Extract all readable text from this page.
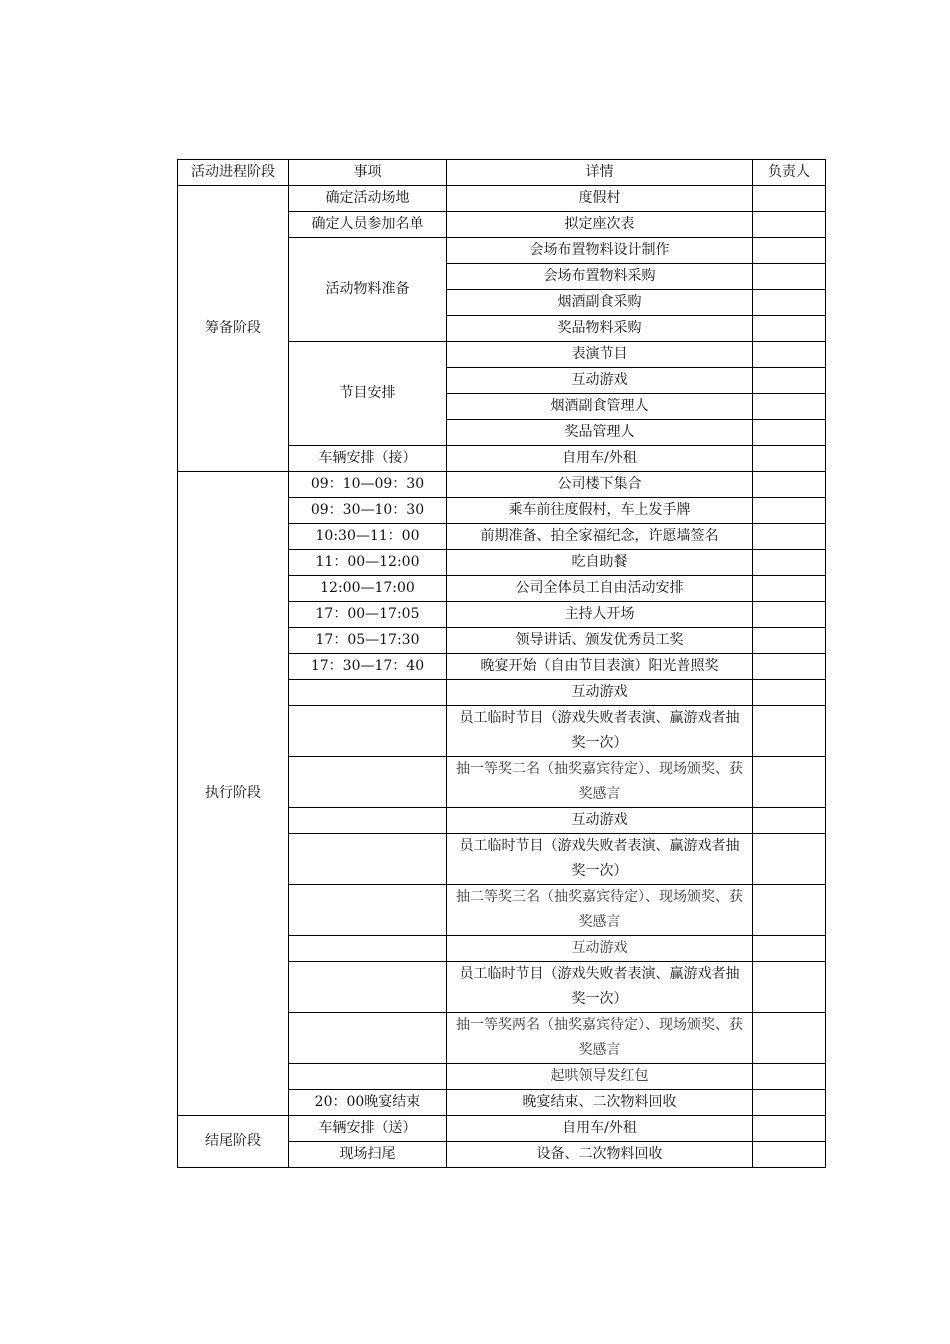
活动进程阶段	事项	详情	负责人
筹备阶段	确定活动场地	度假村	
	确定人员参加名单	拟定座次表	
	活动物料准备	会场布置物料设计制作	
		会场布置物料采购	
		烟酒副食采购	
		奖品物料采购	
	节目安排	表演节目	
		互动游戏	
		烟酒副食管理人	
		奖品管理人	
	车辆安排（接）	自用车/外租	
执行阶段	09：10—09：30	公司楼下集合	
	09：30—10：30	乘车前往度假村，车上发手牌	
	10:30—11：00	前期准备、拍全家福纪念，许愿墙签名	
	11：00—12:00	吃自助餐	
	12:00—17:00	公司全体员工自由活动安排	
	17：00—17:05	主持人开场	
	17：05—17:30	领导讲话、颁发优秀员工奖	
	17：30—17：40	晚宴开始（自由节目表演）阳光普照奖	
		互动游戏	
		员工临时节目（游戏失败者表演、赢游戏者抽奖一次）	
		抽一等奖二名（抽奖嘉宾待定）、现场颁奖、获奖感言	
		互动游戏	
		员工临时节目（游戏失败者表演、赢游戏者抽奖一次）	
		抽二等奖三名（抽奖嘉宾待定）、现场颁奖、获 奖感言	
		互动游戏	
		员工临时节目（游戏失败者表演、赢游戏者抽奖一次）	
		抽一等奖两名（抽奖嘉宾待定）、现场颁奖、获 奖感言	
		起哄领导发红包	
	20：00晚宴结束	晚宴结束、二次物料回收	
结尾阶段	车辆安排（送）	自用车/外租	
	现场扫尾	设备、二次物料回收	
